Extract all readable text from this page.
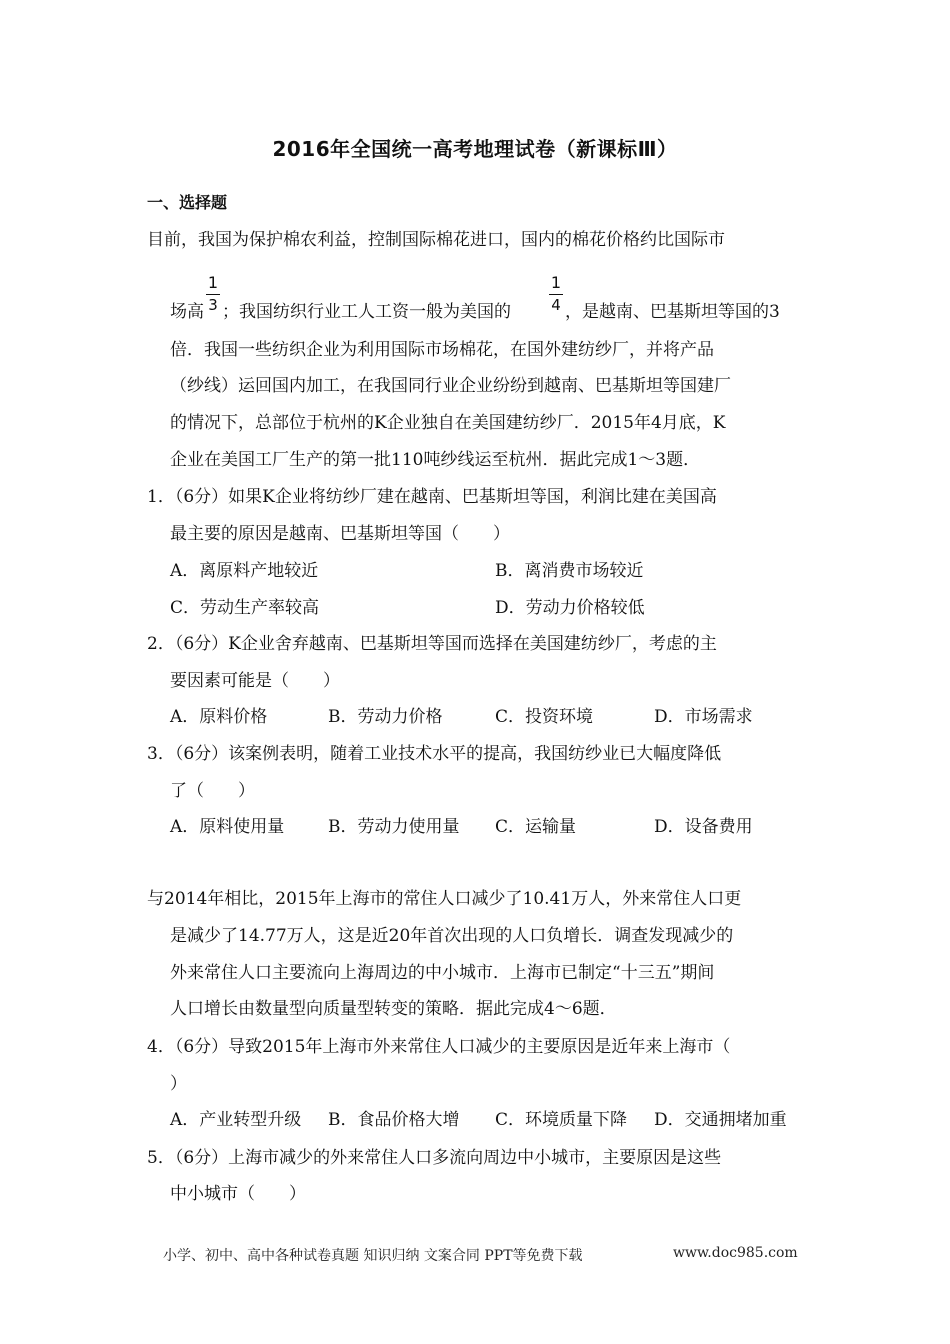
2016年全国统一高考地理试卷（新课标Ⅲ）
一、选择题
目前，我国为保护棉农利益，控制国际棉花进口，国内的棉花价格约比国际市
场高
1
3 ；我国纺织行业工人工资一般为美国的
1
4 ，是越南、巴基斯坦等国的3
倍．我国一些纺织企业为利用国际市场棉花，在国外建纺纱厂，并将产品
（纱线）运回国内加工，在我国同行业企业纷纷到越南、巴基斯坦等国建厂
的情况下，总部位于杭州的K企业独自在美国建纺纱厂．2015年4月底，K
企业在美国工厂生产的第一批110吨纱线运至杭州．据此完成1～3题．
1．（6分）如果K企业将纺纱厂建在越南、巴基斯坦等国，利润比建在美国高
最主要的原因是越南、巴基斯坦等国（　　）
A．离原料产地较近	B．离消费市场较近
C．劳动生产率较高	D．劳动力价格较低
2．（6分）K企业舍弃越南、巴基斯坦等国而选择在美国建纺纱厂，考虑的主
要因素可能是（　　）
A．原料价格	B．劳动力价格	C．投资环境	D．市场需求
3．（6分）该案例表明，随着工业技术水平的提高，我国纺纱业已大幅度降低
了（　　）
A．原料使用量	B．劳动力使用量 C．运输量	D．设备费用
与2014年相比，2015年上海市的常住人口减少了10.41万人，外来常住人口更
是减少了14.77万人，这是近20年首次出现的人口负增长．调查发现减少的
外来常住人口主要流向上海周边的中小城市．上海市已制定“十三五”期间
人口增长由数量型向质量型转变的策略．据此完成4～6题．
4．（6分）导致2015年上海市外来常住人口减少的主要原因是近年来上海市（
）
A．产业转型升级 B．食品价格大增 C．环境质量下降 D．交通拥堵加重
5．（6分）上海市减少的外来常住人口多流向周边中小城市，主要原因是这些
中小城市（　　）
小学、初中、高中各种试卷真题 知识归纳 文案合同 PPT等免费下载	www.doc985.com
